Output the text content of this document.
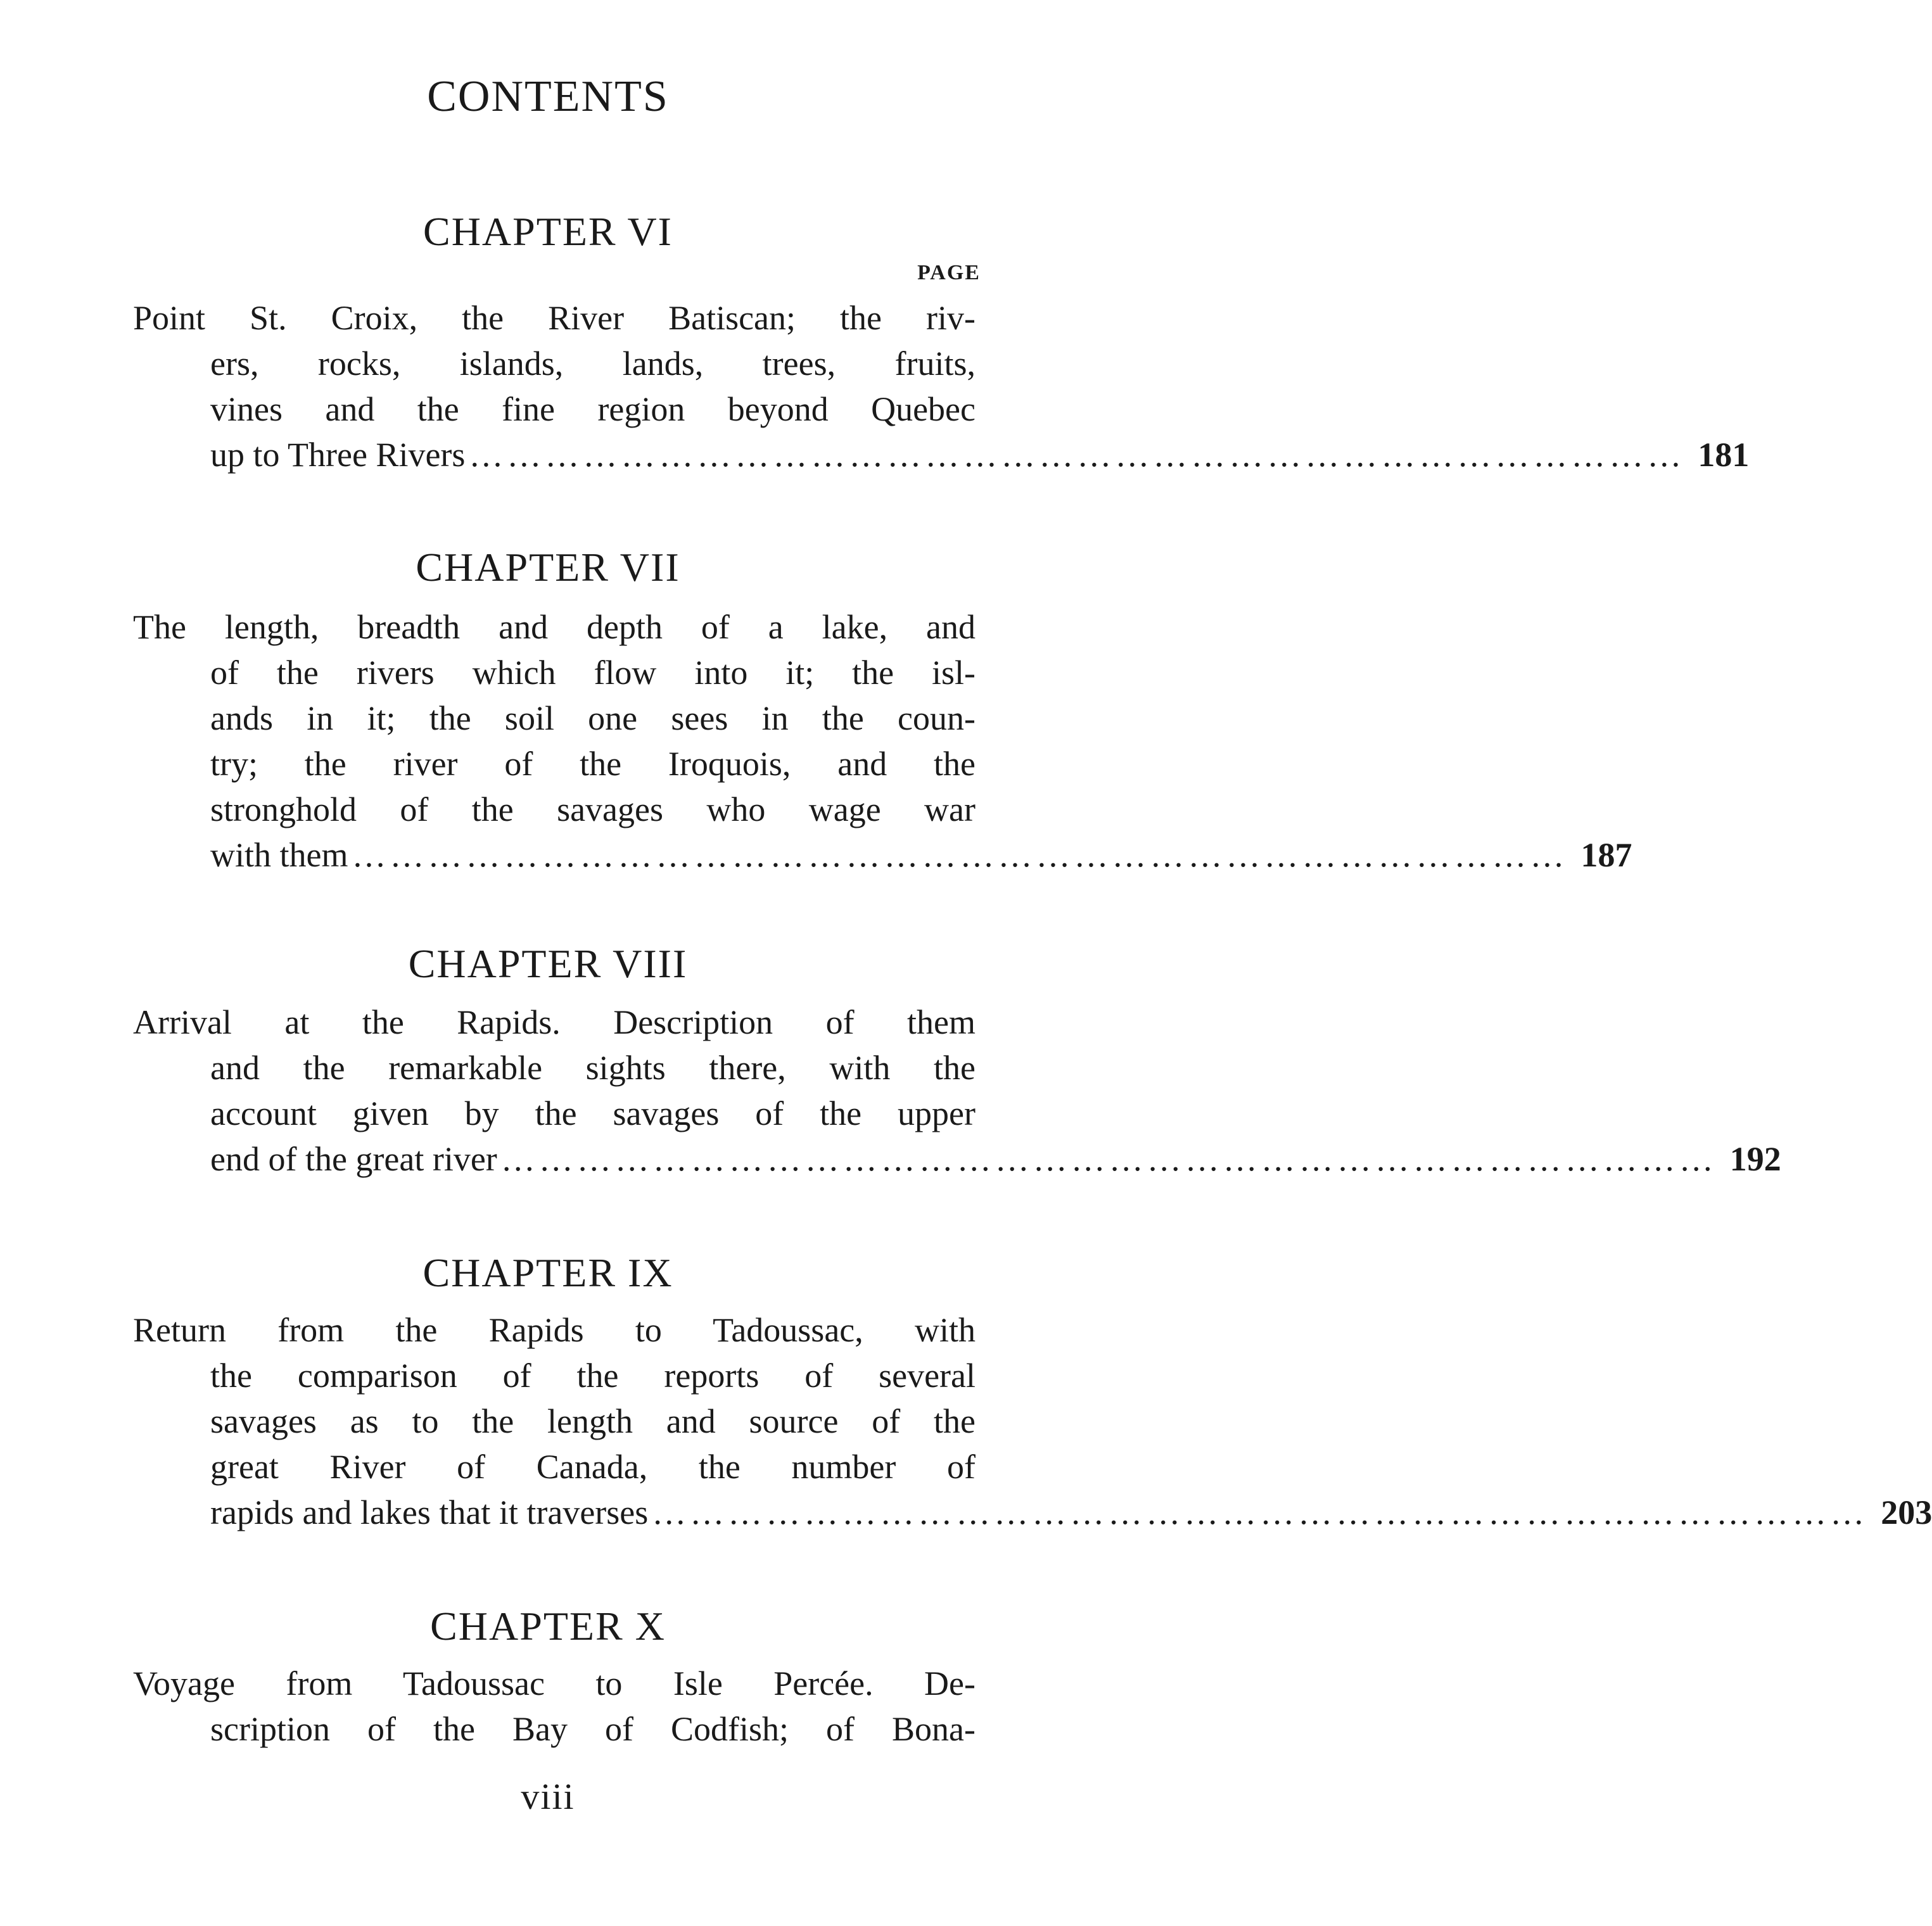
CONTENTS
PAGE
CHAPTER VI
Point St. Croix, the River Batiscan; the riv-
ers, rocks, islands, lands, trees, fruits,
vines and the fine region beyond Quebec
up to Three Rivers …………………………………………………………………………………… 181
CHAPTER VII
The length, breadth and depth of a lake, and
of the rivers which flow into it; the isl-
ands in it; the soil one sees in the coun-
try; the river of the Iroquois, and the
stronghold of the savages who wage war
with them …………………………………………………………………………………… 187
CHAPTER VIII
Arrival at the Rapids. Description of them
and the remarkable sights there, with the
account given by the savages of the upper
end of the great river …………………………………………………………………………………… 192
CHAPTER IX
Return from the Rapids to Tadoussac, with
the comparison of the reports of several
savages as to the length and source of the
great River of Canada, the number of
rapids and lakes that it traverses …………………………………………………………………………………… 203
CHAPTER X
Voyage from Tadoussac to Isle Percée. De-
scription of the Bay of Codfish; of Bona-
viii
